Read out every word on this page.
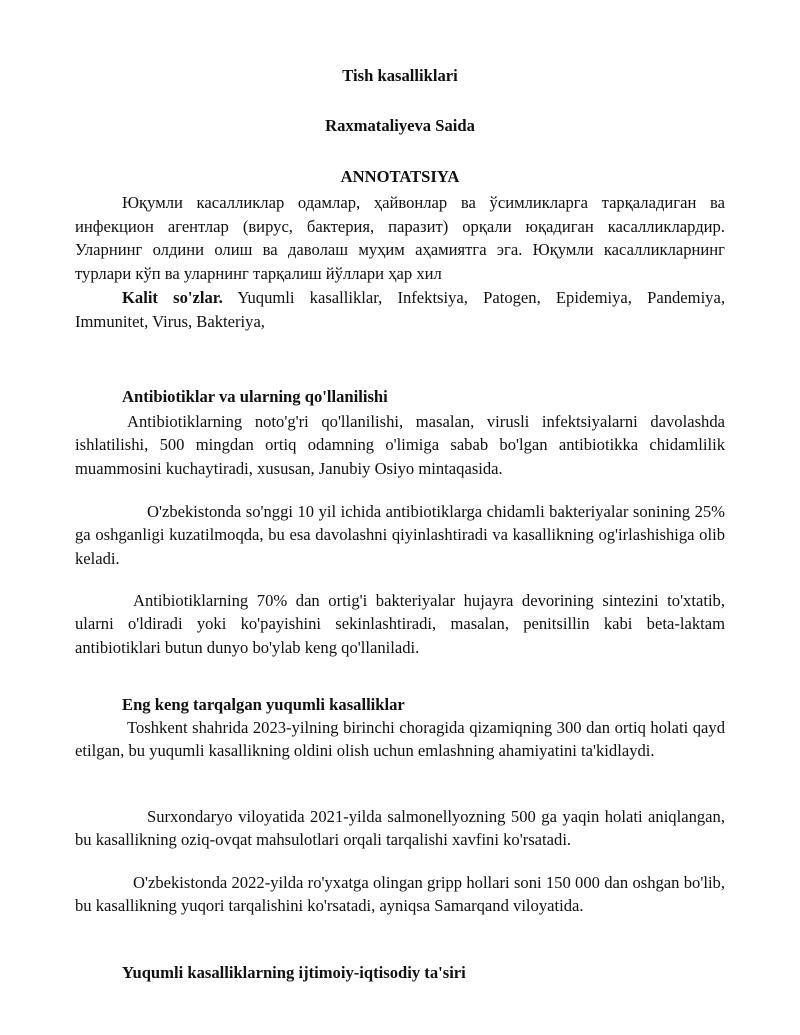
Tish kasalliklari

Raxmataliyeva Saida

ANNOTATSIYA

Юқумли касалликлар одамлар, ҳайвонлар ва ўсимликларга тарқаладиган ва инфекцион агентлар (вирус, бактерия, паразит) орқали юқадиган касалликлардир. Уларнинг олдини олиш ва даволаш муҳим аҳамиятга эга. Юқумли касалликларнинг турлари кўп ва уларнинг тарқалиш йўллари ҳар хил

Kalit so'zlar. Yuqumli kasalliklar, Infektsiya, Patogen, Epidemiya, Pandemiya, Immunitet, Virus, Bakteriya,

Antibiotiklar va ularning qo'llanilishi

Antibiotiklarning noto'g'ri qo'llanilishi, masalan, virusli infektsiyalarni davolashda ishlatilishi, 500 mingdan ortiq odamning o'limiga sabab bo'lgan antibiotikka chidamlilik muammosini kuchaytiradi, xususan, Janubiy Osiyo mintaqasida.

O'zbekistonda so'nggi 10 yil ichida antibiotiklarga chidamli bakteriyalar sonining 25% ga oshganligi kuzatilmoqda, bu esa davolashni qiyinlashtiradi va kasallikning og'irlashishiga olib keladi.

Antibiotiklarning 70% dan ortig'i bakteriyalar hujayra devorining sintezini to'xtatib, ularni o'ldiradi yoki ko'payishini sekinlashtiradi, masalan, penitsillin kabi beta-laktam antibiotiklari butun dunyo bo'ylab keng qo'llaniladi.

Eng keng tarqalgan yuqumli kasalliklar

Toshkent shahrida 2023-yilning birinchi choragida qizamiqning 300 dan ortiq holati qayd etilgan, bu yuqumli kasallikning oldini olish uchun emlashning ahamiyatini ta'kidlaydi.

Surxondaryo viloyatida 2021-yilda salmonellyozning 500 ga yaqin holati aniqlangan, bu kasallikning oziq-ovqat mahsulotlari orqali tarqalishi xavfini ko'rsatadi.

O'zbekistonda 2022-yilda ro'yxatga olingan gripp hollari soni 150 000 dan oshgan bo'lib, bu kasallikning yuqori tarqalishini ko'rsatadi, ayniqsa Samarqand viloyatida.

Yuqumli kasalliklarning ijtimoiy-iqtisodiy ta'siri
